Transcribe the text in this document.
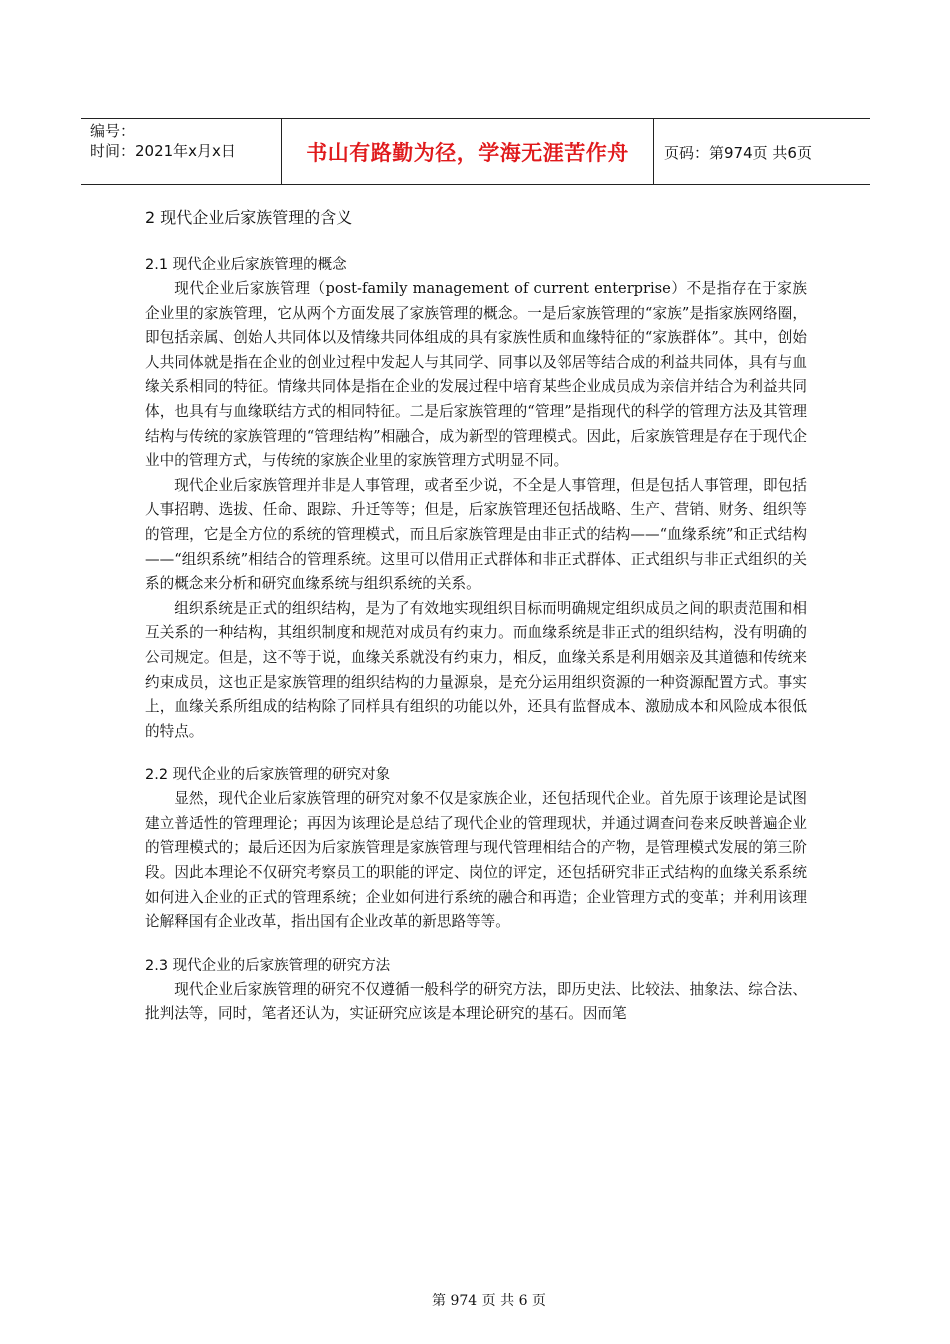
编号：
时间：2021年x月x日	书山有路勤为径，学海无涯苦作舟	页码：第974页 共6页
2 现代企业后家族管理的含义
2.1 现代企业后家族管理的概念

现代企业后家族管理（post-family management of current enterprise）不是指存在于家族企业里的家族管理，它从两个方面发展了家族管理的概念。一是后家族管理的“家族”是指家族网络圈，即包括亲属、创始人共同体以及情缘共同体组成的具有家族性质和血缘特征的“家族群体”。其中，创始人共同体就是指在企业的创业过程中发起人与其同学、同事以及邻居等结合成的利益共同体，具有与血缘关系相同的特征。情缘共同体是指在企业的发展过程中培育某些企业成员成为亲信并结合为利益共同体，也具有与血缘联结方式的相同特征。二是后家族管理的“管理”是指现代的科学的管理方法及其管理结构与传统的家族管理的“管理结构”相融合，成为新型的管理模式。因此，后家族管理是存在于现代企业中的管理方式，与传统的家族企业里的家族管理方式明显不同。

现代企业后家族管理并非是人事管理，或者至少说，不全是人事管理，但是包括人事管理，即包括人事招聘、选拔、任命、跟踪、升迁等等；但是，后家族管理还包括战略、生产、营销、财务、组织等的管理，它是全方位的系统的管理模式，而且后家族管理是由非正式的结构——“血缘系统”和正式结构——“组织系统”相结合的管理系统。这里可以借用正式群体和非正式群体、正式组织与非正式组织的关系的概念来分析和研究血缘系统与组织系统的关系。

组织系统是正式的组织结构，是为了有效地实现组织目标而明确规定组织成员之间的职责范围和相互关系的一种结构，其组织制度和规范对成员有约束力。而血缘系统是非正式的组织结构，没有明确的公司规定。但是，这不等于说，血缘关系就没有约束力，相反，血缘关系是利用姻亲及其道德和传统来约束成员，这也正是家族管理的组织结构的力量源泉，是充分运用组织资源的一种资源配置方式。事实上，血缘关系所组成的结构除了同样具有组织的功能以外，还具有监督成本、激励成本和风险成本很低的特点。

2.2 现代企业的后家族管理的研究对象

显然，现代企业后家族管理的研究对象不仅是家族企业，还包括现代企业。首先原于该理论是试图建立普适性的管理理论；再因为该理论是总结了现代企业的管理现状，并通过调查问卷来反映普遍企业的管理模式的；最后还因为后家族管理是家族管理与现代管理相结合的产物，是管理模式发展的第三阶段。因此本理论不仅研究考察员工的职能的评定、岗位的评定，还包括研究非正式结构的血缘关系系统如何进入企业的正式的管理系统；企业如何进行系统的融合和再造；企业管理方式的变革；并利用该理论解释国有企业改革，指出国有企业改革的新思路等等。

2.3 现代企业的后家族管理的研究方法

现代企业后家族管理的研究不仅遵循一般科学的研究方法，即历史法、比较法、抽象法、综合法、批判法等，同时，笔者还认为，实证研究应该是本理论研究的基石。因而笔

第 974 页 共 6 页
